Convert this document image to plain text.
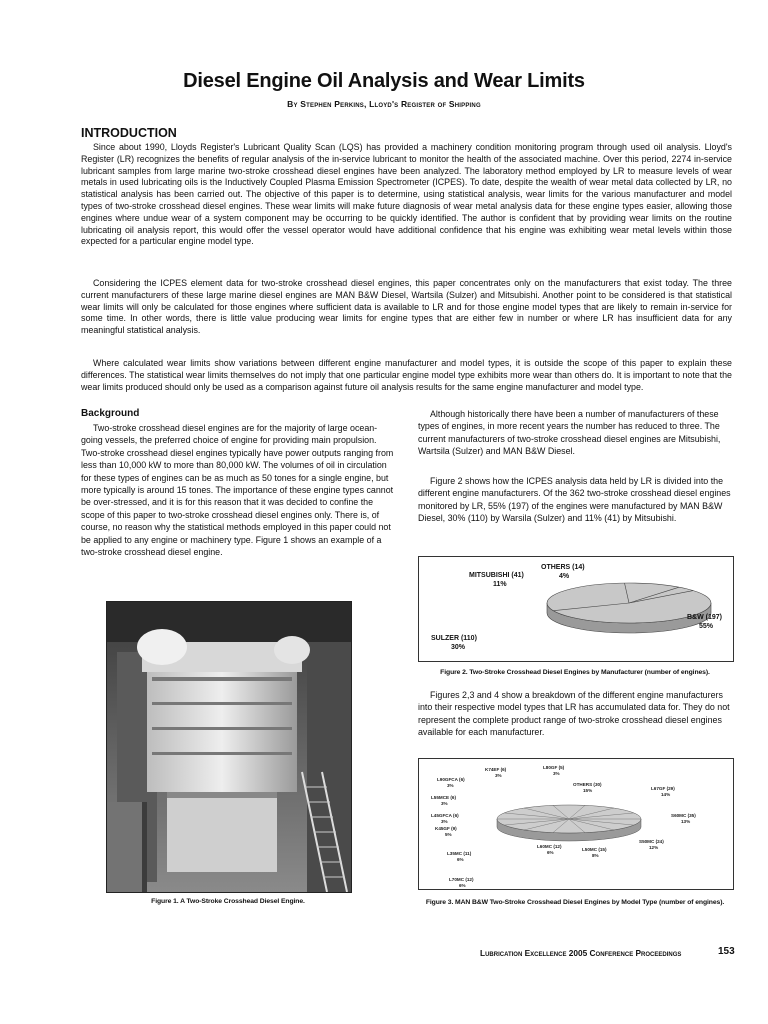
Diesel Engine Oil Analysis and Wear Limits
By Stephen Perkins, Lloyd's Register of Shipping
INTRODUCTION

Since about 1990, Lloyds Register's Lubricant Quality Scan (LQS) has provided a machinery condition monitoring program through used oil analysis. Lloyd's Register (LR) recognizes the benefits of regular analysis of the in-service lubricant to monitor the health of the associated machine. Over this period, 2274 in-service lubricant samples from large marine two-stroke crosshead diesel engines have been analyzed. The laboratory method employed by LR to measure levels of wear metals in used lubricating oils is the Inductively Coupled Plasma Emission Spectrometer (ICPES). To date, despite the wealth of wear metal data collected by LR, no statistical analysis has been carried out. The objective of this paper is to determine, using statistical analysis, wear limits for the various manufacturer and model types of two-stroke crosshead diesel engines. These wear limits will make future diagnosis of wear metal analysis data for these engine types easier, allowing those engines where undue wear of a system component may be occurring to be quickly identified. The author is confident that by providing wear limits on the routine lubricating oil analysis report, this would offer the vessel operator would have additional confidence that his engine was exhibiting wear metal levels within those expected for a particular engine model type.

Considering the ICPES element data for two-stroke crosshead diesel engines, this paper concentrates only on the manufacturers that exist today. The three current manufacturers of these large marine diesel engines are MAN B&W Diesel, Wartsila (Sulzer) and Mitsubishi. Another point to be considered is that statistical wear limits will only be calculated for those engines where sufficient data is available to LR and for those engine model types that are likely to remain in-service for some time. In other words, there is little value producing wear limits for engine types that are either few in number or where LR has insufficient data for any meaningful statistical analysis.

Where calculated wear limits show variations between different engine manufacturer and model types, it is outside the scope of this paper to explain these differences. The statistical wear limits themselves do not imply that one particular engine model type exhibits more wear than others do. It is important to note that the wear limits produced should only be used as a comparison against future oil analysis results for the same engine manufacturer and model type.

Background

Two-stroke crosshead diesel engines are for the majority of large ocean-going vessels, the preferred choice of engine for providing main propulsion. Two-stroke crosshead diesel engines typically have power outputs ranging from less than 10,000 kW to more than 80,000 kW. The volumes of oil in circulation for these types of engines can be as much as 50 tones for a single engine, but more typically is around 15 tones. The importance of these engine types cannot be over-stressed, and it is for this reason that it was decided to confine the scope of this paper to two-stroke crosshead diesel engines only. There is, of course, no reason why the statistical methods employed in this paper could not be applied to any engine or machinery type. Figure 1 shows an example of a two-stroke crosshead diesel engine.

Although historically there have been a number of manufacturers of these types of engines, in more recent years the number has reduced to three. The current manufacturers of two-stroke crosshead diesel engines are Mitsubishi, Wartsila (Sulzer) and MAN B&W Diesel.

Figure 2 shows how the ICPES analysis data held by LR is divided into the different engine manufacturers. Of the 362 two-stroke crosshead diesel engines monitored by LR, 55% (197) of the engines were manufactured by MAN B&W Diesel, 30% (110) by Warsila (Sulzer) and 11% (41) by Mitsubishi.

Figure 1. A Two-Stroke Crosshead Diesel Engine.
B&W (197)
55%
SULZER (110)
30%
MITSUBISHI (41)
11%
OTHERS (14)
4%
Figure 2. Two-Stroke Crosshead Diesel Engines by Manufacturer (number of engines).

Figures 2,3 and 4 show a breakdown of the different engine manufacturers into their respective model types that LR has accumulated data for. They do not represent the complete product range of two-stroke crosshead diesel engines available for each manufacturer.

S60MC (35)
13%
S50MC (24)
12%
L50MC (15)
8%
L60MC (12)
6%
L70MC (12)
6%
L35MC (11)
6%
K45GF (9)
5%
L45GFCA (6)
3%
L55MCE (6)
3%
L90GFCA (6)
3%
K74EF (6)
3%
L80GF (5)
3%
OTHERS (30)
15%	L67GF (29)
14%
Figure 3. MAN B&W Two-Stroke Crosshead Diesel Engines by Model Type (number of engines).
Lubrication Excellence 2005 Conference Proceedings	153
